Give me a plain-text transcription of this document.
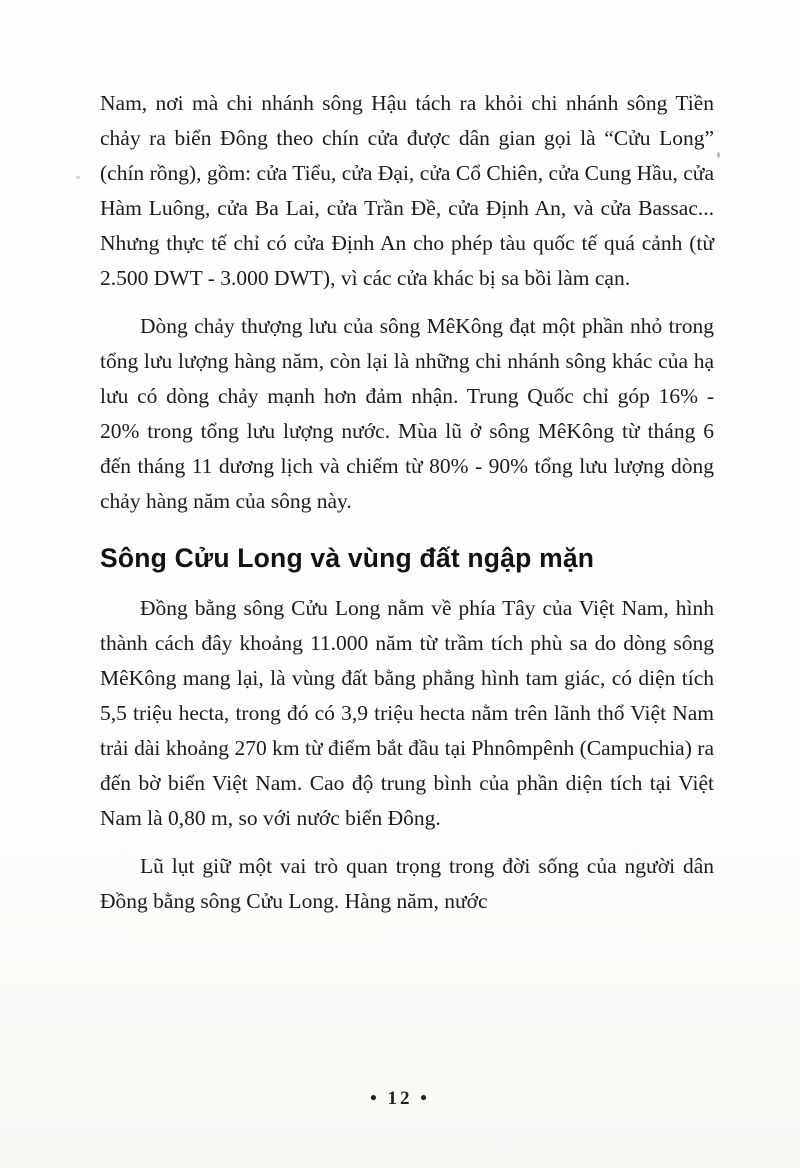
Nam, nơi mà chi nhánh sông Hậu tách ra khỏi chi nhánh sông Tiền chảy ra biển Đông theo chín cửa được dân gian gọi là “Cửu Long” (chín rồng), gồm: cửa Tiểu, cửa Đại, cửa Cổ Chiên, cửa Cung Hầu, cửa Hàm Luông, cửa Ba Lai, cửa Trần Đề, cửa Định An, và cửa Bassac... Nhưng thực tế chỉ có cửa Định An cho phép tàu quốc tế quá cảnh (từ 2.500 DWT - 3.000 DWT), vì các cửa khác bị sa bồi làm cạn.

Dòng chảy thượng lưu của sông MêKông đạt một phần nhỏ trong tổng lưu lượng hàng năm, còn lại là những chi nhánh sông khác của hạ lưu có dòng chảy mạnh hơn đảm nhận. Trung Quốc chỉ góp 16% - 20% trong tổng lưu lượng nước. Mùa lũ ở sông MêKông từ tháng 6 đến tháng 11 dương lịch và chiếm từ 80% - 90% tổng lưu lượng dòng chảy hàng năm của sông này.

Sông Cửu Long và vùng đất ngập mặn

Đồng bằng sông Cửu Long nằm về phía Tây của Việt Nam, hình thành cách đây khoảng 11.000 năm từ trầm tích phù sa do dòng sông MêKông mang lại, là vùng đất bằng phẳng hình tam giác, có diện tích 5,5 triệu hecta, trong đó có 3,9 triệu hecta nằm trên lãnh thổ Việt Nam trải dài khoảng 270 km từ điểm bắt đầu tại Phnômpênh (Campuchia) ra đến bờ biển Việt Nam. Cao độ trung bình của phần diện tích tại Việt Nam là 0,80 m, so với nước biển Đông.

Lũ lụt giữ một vai trò quan trọng trong đời sống của người dân Đồng bằng sông Cửu Long. Hàng năm, nước

• 12 •
